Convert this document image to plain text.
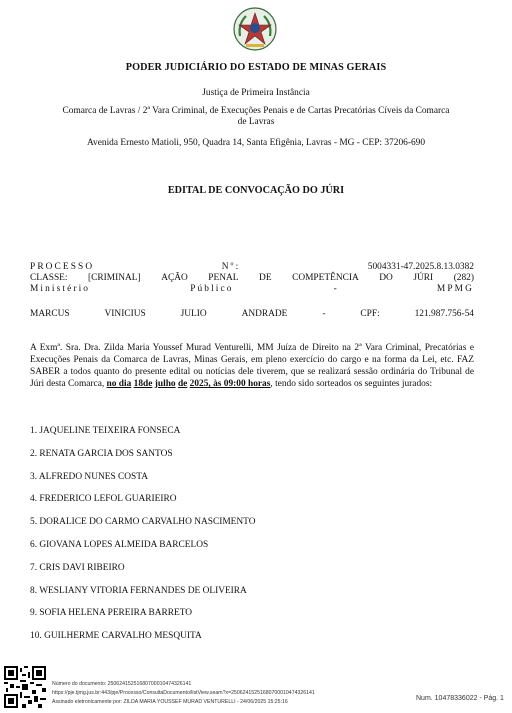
PODER JUDICIÁRIO DO ESTADO DE MINAS GERAIS
Justiça de Primeira Instância
Comarca de Lavras / 2ª Vara Criminal, de Execuções Penais e de Cartas Precatórias Cíveis da Comarca
de Lavras
Avenida Ernesto Matioli, 950, Quadra 14, Santa Efigênia, Lavras - MG - CEP: 37206-690
EDITAL DE CONVOCAÇÃO DO JÚRI
PROCESSO	Nº:	5004331-47.2025.8.13.0382
CLASSE: [CRIMINAL] AÇÃO PENAL DE COMPETÊNCIA DO JÚRI (282)
Ministério	Público	-	MPMG
MARCUS	VINICIUS	JULIO	ANDRADE	-	CPF:	121.987.756-54
A Exmª. Sra. Dra. Zilda Maria Youssef Murad Venturelli, MM Juíza de Direito na 2ª Vara Criminal, Precatórias e Execuções Penais da Comarca de Lavras, Minas Gerais, em pleno exercício do cargo e na forma da Lei, etc. FAZ SABER a todos quanto do presente edital ou notícias dele tiverem, que se realizará sessão ordinária do Tribunal de Júri desta Comarca, no dia 18de julho de 2025, às 09:00 horas, tendo sido sorteados os seguintes jurados:
1. JAQUELINE TEIXEIRA FONSECA
2. RENATA GARCIA DOS SANTOS
3. ALFREDO NUNES COSTA
4. FREDERICO LEFOL GUARIEIRO
5. DORALICE DO CARMO CARVALHO NASCIMENTO
6. GIOVANA LOPES ALMEIDA BARCELOS
7. CRIS DAVI RIBEIRO
8. WESLIANY VITORIA FERNANDES DE OLIVEIRA
9. SOFIA HELENA PEREIRA BARRETO
10. GUILHERME CARVALHO MESQUITA
Número do documento: 25062415251680700010474326141
https://pje.tjmg.jus.br:443/pje/Processo/ConsultaDocumento/listView.seam?x=25062415251680700010474326141
Assinado eletronicamente por: ZILDA MARIA YOUSSEF MURAD VENTURELLI - 24/06/2025 15:25:16	Num. 10478336022 - Pág. 1
